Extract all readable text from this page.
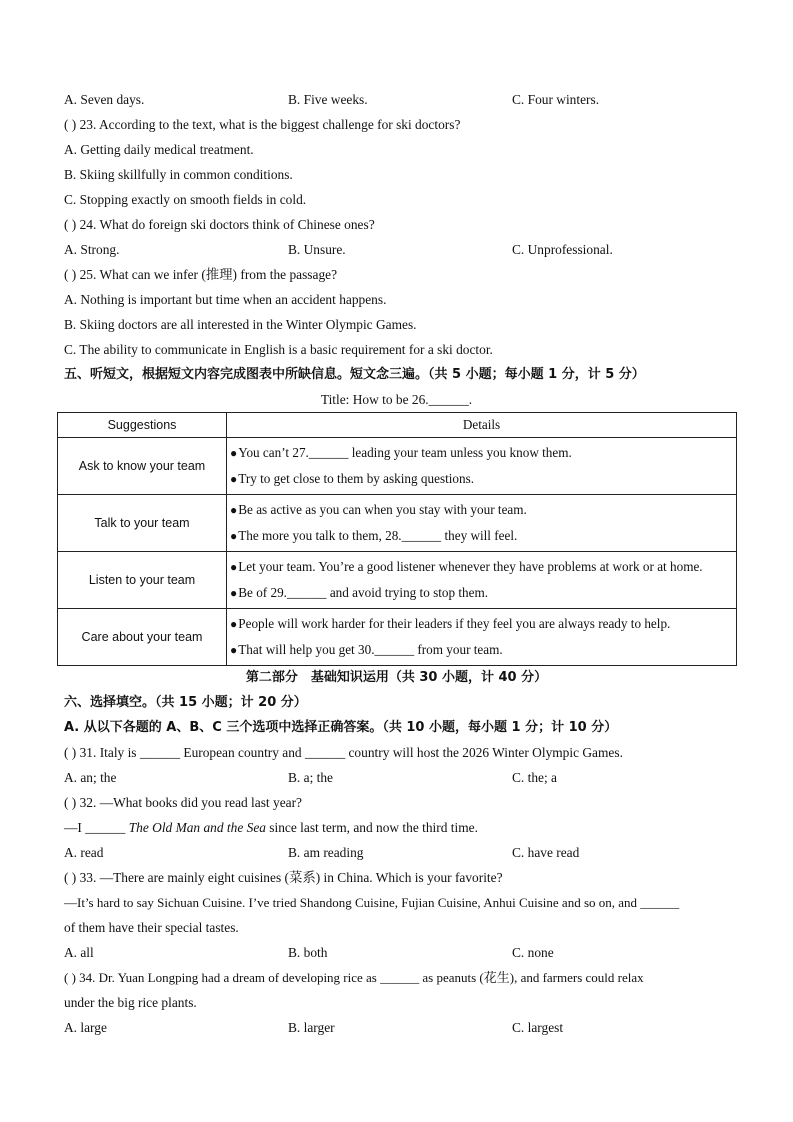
A. Seven days.	B. Five weeks.	C. Four winters.
( ) 23. According to the text, what is the biggest challenge for ski doctors?
A. Getting daily medical treatment.
B. Skiing skillfully in common conditions.
C. Stopping exactly on smooth fields in cold.
( ) 24. What do foreign ski doctors think of Chinese ones?
A. Strong.	B. Unsure.	C. Unprofessional.
( ) 25. What can we infer (推理) from the passage?
A. Nothing is important but time when an accident happens.
B. Skiing doctors are all interested in the Winter Olympic Games.
C. The ability to communicate in English is a basic requirement for a ski doctor.
五、听短文，根据短文内容完成图表中所缺信息。短文念三遍。（共 5 小题；每小题 1 分，计 5 分）
Title: How to be 26.______.
Suggestions	Details
Ask to know your team	●You can’t 27.______ leading your team unless you know them.
●Try to get close to them by asking questions.

Talk to your team	●Be as active as you can when you stay with your team.
●The more you talk to them, 28.______ they will feel.

Listen to your team	●Let your team. You’re a good listener whenever they have problems at work or at home.
●Be of 29.______ and avoid trying to stop them.

Care about your team	●People will work harder for their leaders if they feel you are always ready to help.
●That will help you get 30.______ from your team.
第二部分　基础知识运用（共 30 小题，计 40 分）
六、选择填空。（共 15 小题；计 20 分）
A. 从以下各题的 A、B、C 三个选项中选择正确答案。（共 10 小题，每小题 1 分；计 10 分）
( ) 31. Italy is ______ European country and ______ country will host the 2026 Winter Olympic Games.
A. an; the	B. a; the	C. the; a
( ) 32. —What books did you read last year?
—I ______ The Old Man and the Sea since last term, and now the third time.
A. read	B. am reading	C. have read
( ) 33. —There are mainly eight cuisines (菜系) in China. Which is your favorite?
—It’s hard to say Sichuan Cuisine. I’ve tried Shandong Cuisine, Fujian Cuisine, Anhui Cuisine and so on, and ______
of them have their special tastes.
A. all	B. both	C. none
( ) 34. Dr. Yuan Longping had a dream of developing rice as ______ as peanuts (花生), and farmers could relax
under the big rice plants.
A. large	B. larger	C. largest
